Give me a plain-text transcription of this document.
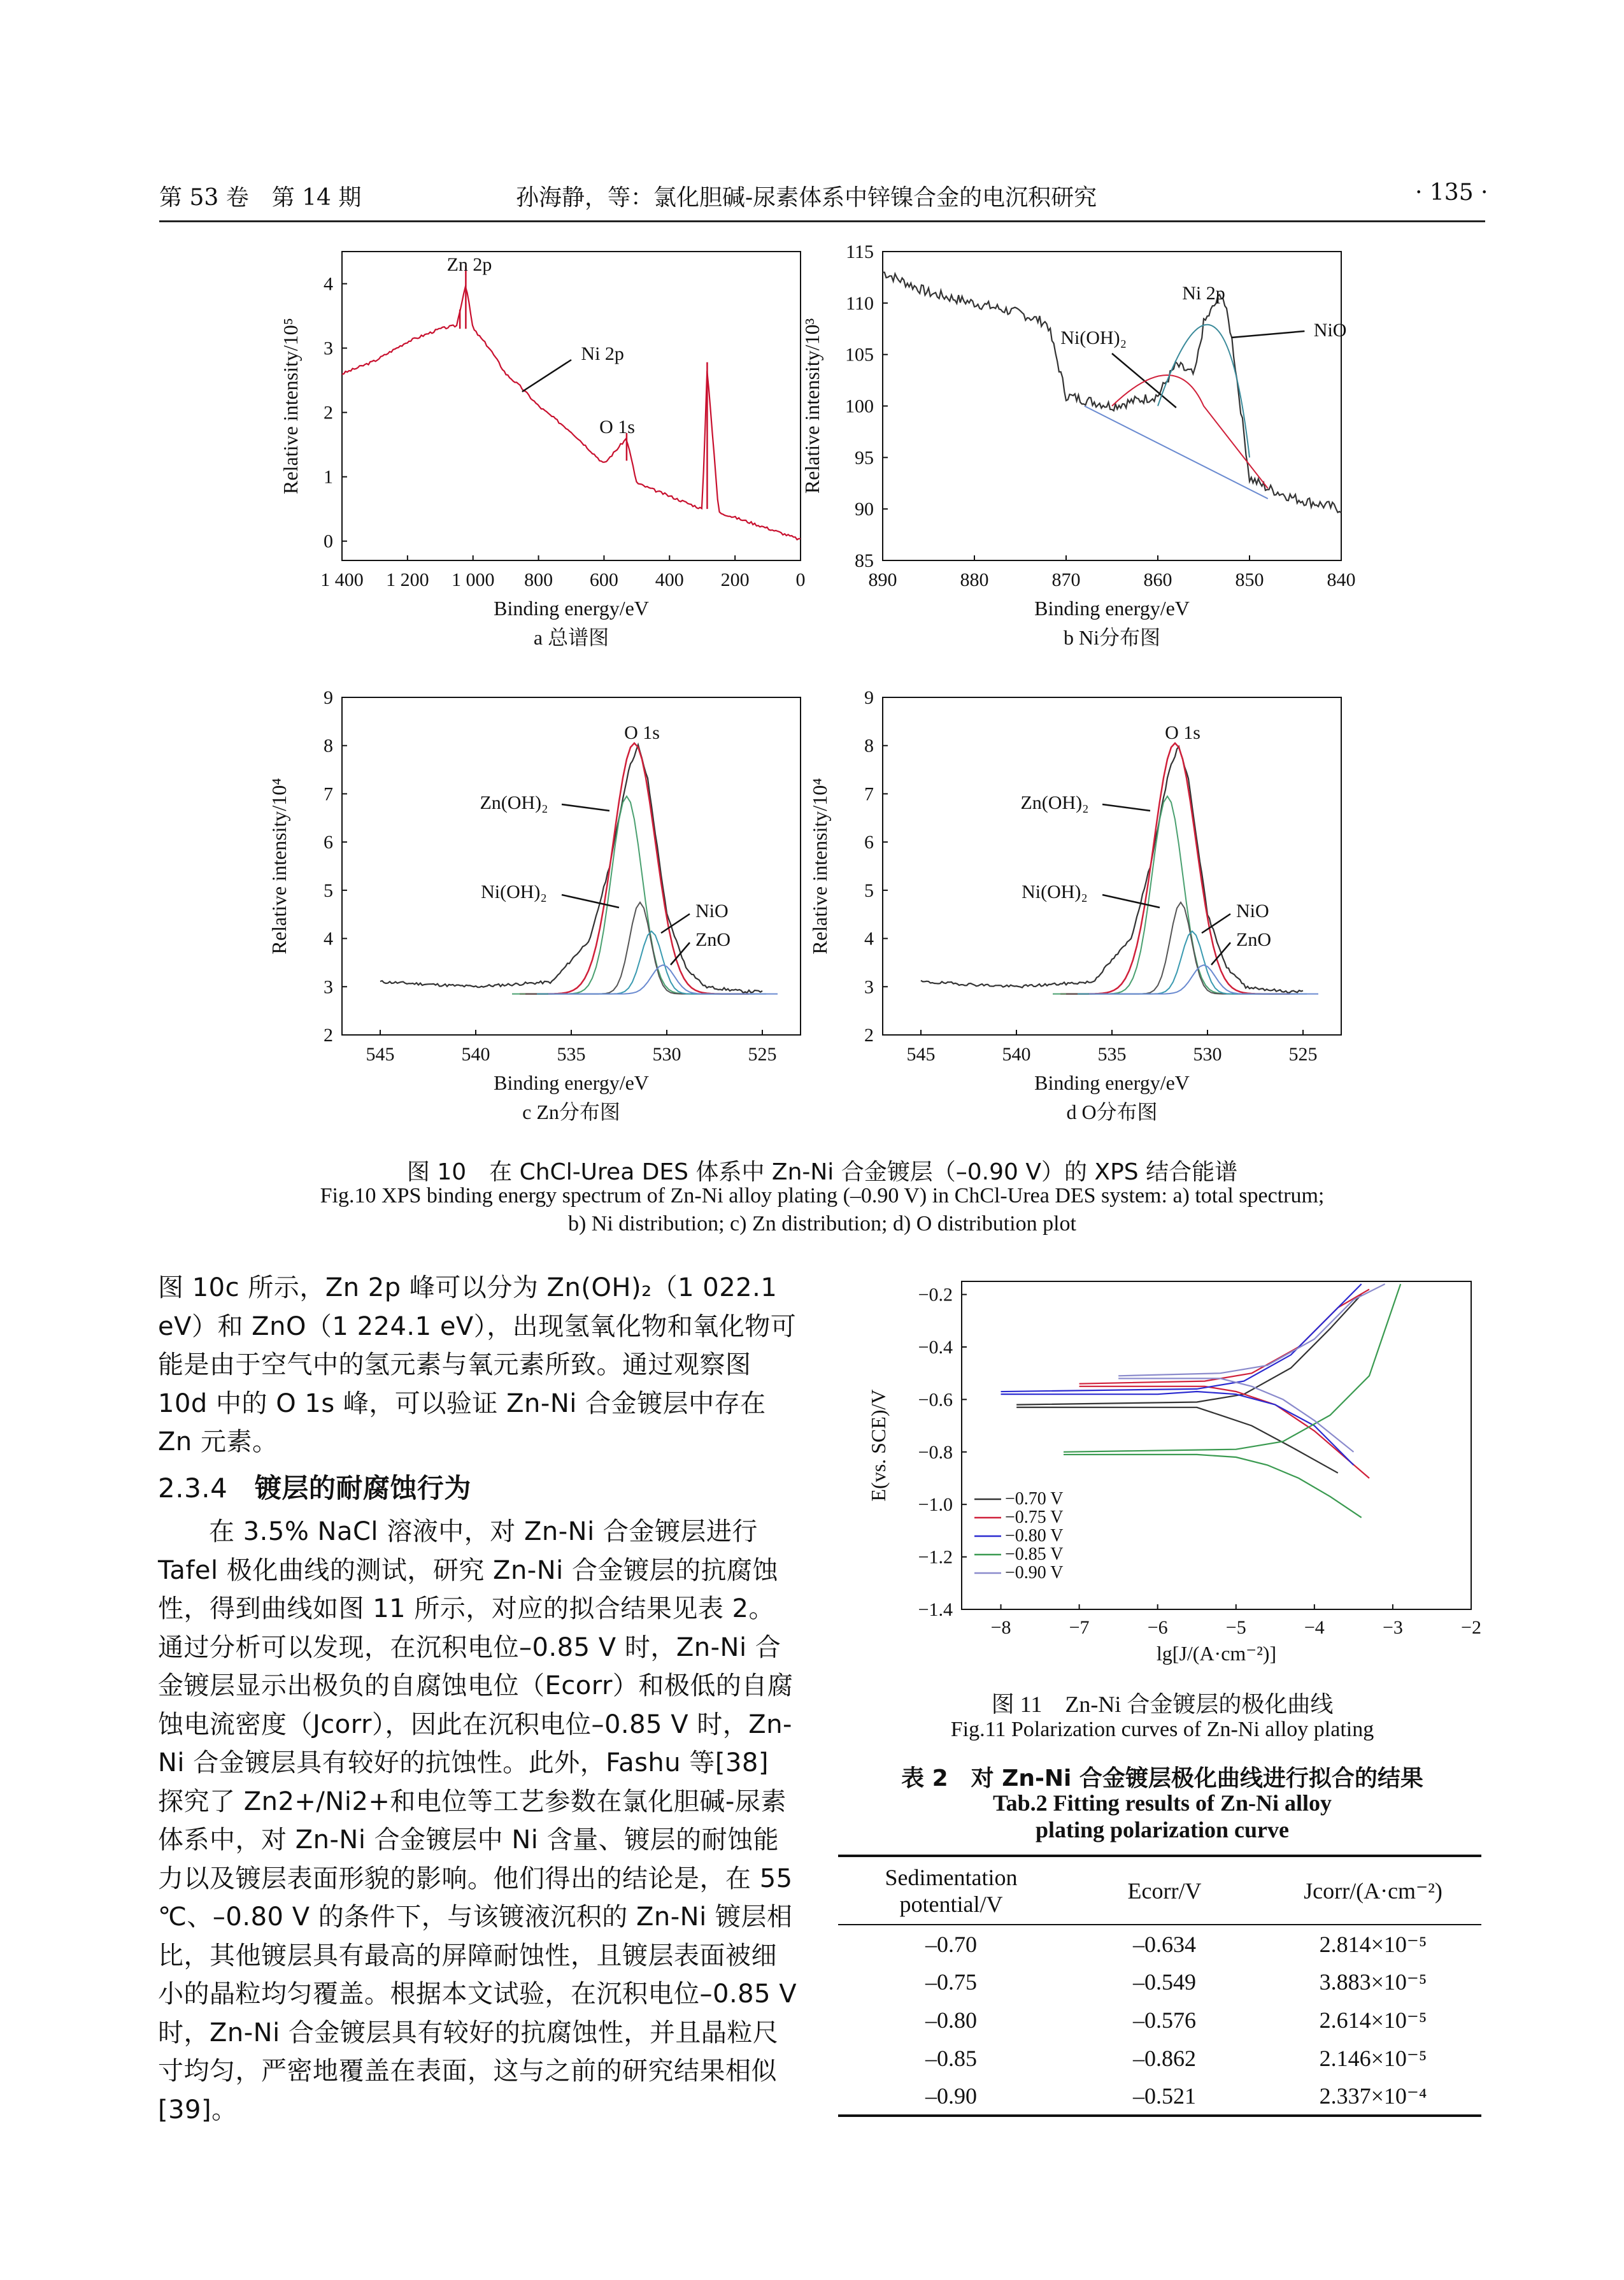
第 53 卷　第 14 期	孙海静，等：氯化胆碱-尿素体系中锌镍合金的电沉积研究	· 135 ·
1 400 1 200 1 000 800 600 400 200 0
0
1
2
3
4
Binding energy/eV
Relative intensity/10⁵
a 总谱图
Zn 2p
Ni 2p
O 1s
890	880	870	860	850	840
85
90
95
100
105
110
115
Binding energy/eV
Relative intensity/10³
b Ni分布图
Ni 2p
Ni(OH)₂	NiO
545	540	535	530	525
2
3
4
5
6
7
8
9
Binding energy/eV
Relative intensity/10⁴
c Zn分布图
O 1s
Zn(OH)₂
Ni(OH)₂
NiO
ZnO
545	540	535	530	525
2
3
4
5
6
7
8
9
Binding energy/eV
Relative intensity/10⁴
d O分布图
O 1s
Zn(OH)₂
Ni(OH)₂
NiO
ZnO
图 10　在 ChCl-Urea DES 体系中 Zn-Ni 合金镀层（–0.90 V）的 XPS 结合能谱
Fig.10 XPS binding energy spectrum of Zn-Ni alloy plating (–0.90 V) in ChCl-Urea DES system: a) total spectrum;
b) Ni distribution; c) Zn distribution; d) O distribution plot

图 10c 所示，Zn 2p 峰可以分为 Zn(OH)₂（1 022.1 eV）和 ZnO（1 224.1 eV），出现氢氧化物和氧化物可能是由于空气中的氢元素与氧元素所致。通过观察图 10d 中的 O 1s 峰，可以验证 Zn-Ni 合金镀层中存在 Zn 元素。

2.3.4　 镀层的耐腐蚀行为

在 3.5% NaCl 溶液中，对 Zn-Ni 合金镀层进行 Tafel 极化曲线的测试，研究 Zn-Ni 合金镀层的抗腐蚀性，得到曲线如图 11 所示，对应的拟合结果见表 2。通过分析可以发现，在沉积电位–0.85 V 时，Zn-Ni 合金镀层显示出极负的自腐蚀电位（Ecorr）和极低的自腐蚀电流密度（Jcorr），因此在沉积电位–0.85 V 时，Zn-Ni 合金镀层具有较好的抗蚀性。此外，Fashu 等[38] 探究了 Zn2+/Ni2+和电位等工艺参数在氯化胆碱-尿素体系中，对 Zn-Ni 合金镀层中 Ni 含量、镀层的耐蚀能力以及镀层表面形貌的影响。他们得出的结论是，在 55 ℃、–0.80 V 的条件下，与该镀液沉积的 Zn-Ni 镀层相比，其他镀层具有最高的屏障耐蚀性，且镀层表面被细小的晶粒均匀覆盖。根据本文试验，在沉积电位–0.85 V 时，Zn-Ni 合金镀层具有较好的抗腐蚀性，并且晶粒尺寸均匀，严密地覆盖在表面，这与之前的研究结果相似[39]。

−8	−7	−6	−5	−4	−3	−2
−0.2
−0.4
−0.6
−0.8
−1.0
−1.2
−1.4
lg[J/(A·cm⁻²)]
E(vs. SCE)/V	−0.70 V
−0.75 V
−0.80 V
−0.85 V
−0.90 V
图 11　Zn-Ni 合金镀层的极化曲线
Fig.11 Polarization curves of Zn-Ni alloy plating
表 2　对 Zn-Ni 合金镀层极化曲线进行拟合的结果
Tab.2 Fitting results of Zn-Ni alloy
plating polarization curve
Sedimentation potential/V	Ecorr/V	Jcorr/(A·cm⁻²)
–0.70	–0.634	2.814×10⁻⁵
–0.75	–0.549	3.883×10⁻⁵
–0.80	–0.576	2.614×10⁻⁵
–0.85	–0.862	2.146×10⁻⁵
–0.90	–0.521	2.337×10⁻⁴
